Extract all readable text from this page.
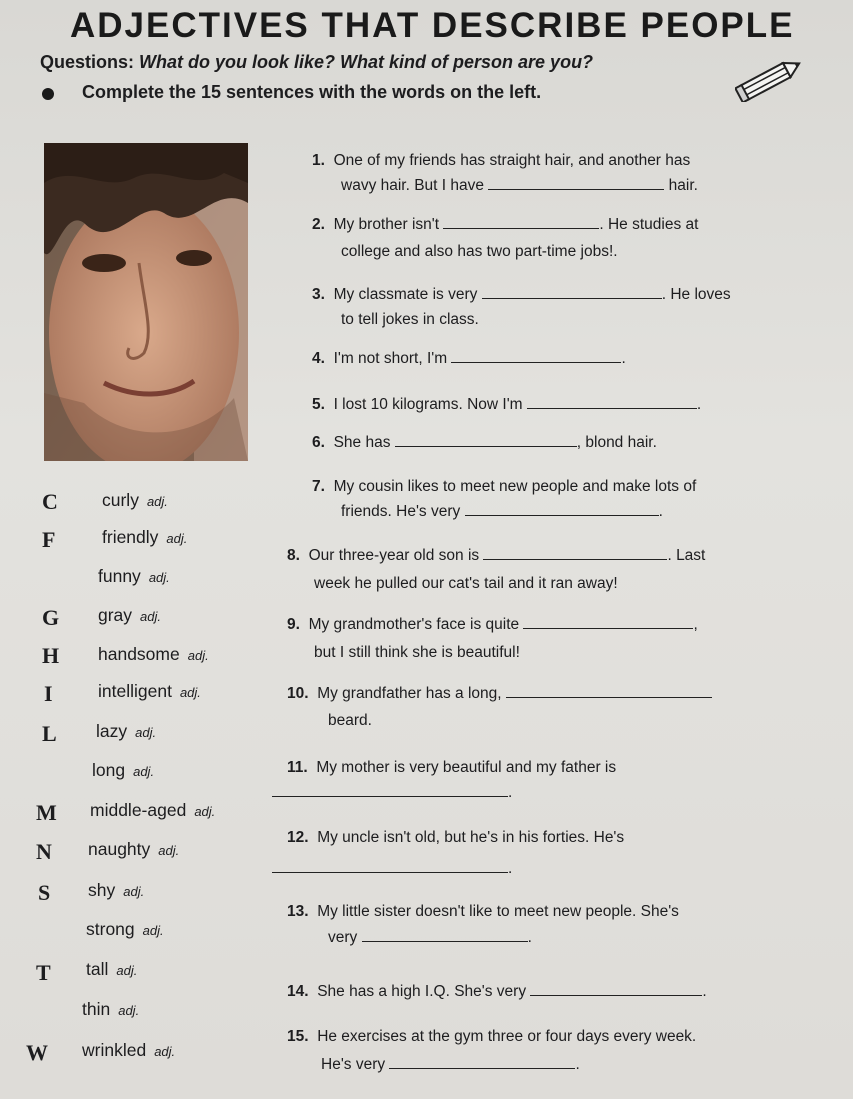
ADJECTIVES THAT DESCRIBE PEOPLE
Questions: What do you look like? What kind of person are you?
Complete the 15 sentences with the words on the left.
1. One of my friends has straight hair, and another has
wavy hair. But I have	hair.
2. My brother isn't	. He studies at
college and also has two part-time jobs!.
3. My classmate is very	. He loves
to tell jokes in class.
4. I'm not short, I'm	.
5. I lost 10 kilograms. Now I'm	.
6. She has	, blond hair.
7. My cousin likes to meet new people and make lots of
friends. He's very	.
8. Our three-year old son is	. Last
week he pulled our cat's tail and it ran away!
9. My grandmother's face is quite	,
but I still think she is beautiful!
10. My grandfather has a long,
beard.
11. My mother is very beautiful and my father is
.
12. My uncle isn't old, but he's in his forties. He's
.
13. My little sister doesn't like to meet new people. She's
very	.
14. She has a high I.Q. She's very	.
15. He exercises at the gym three or four days every week.
He's very	.
C	curly adj.
F	friendly adj.
funny adj.
G gray adj.
H handsome adj.
I	intelligent adj.
L lazy adj.
long adj.
M middle-aged adj.
N naughty adj.
S shy adj.
strong adj.
T tall adj.
thin adj.
W wrinkled adj.
